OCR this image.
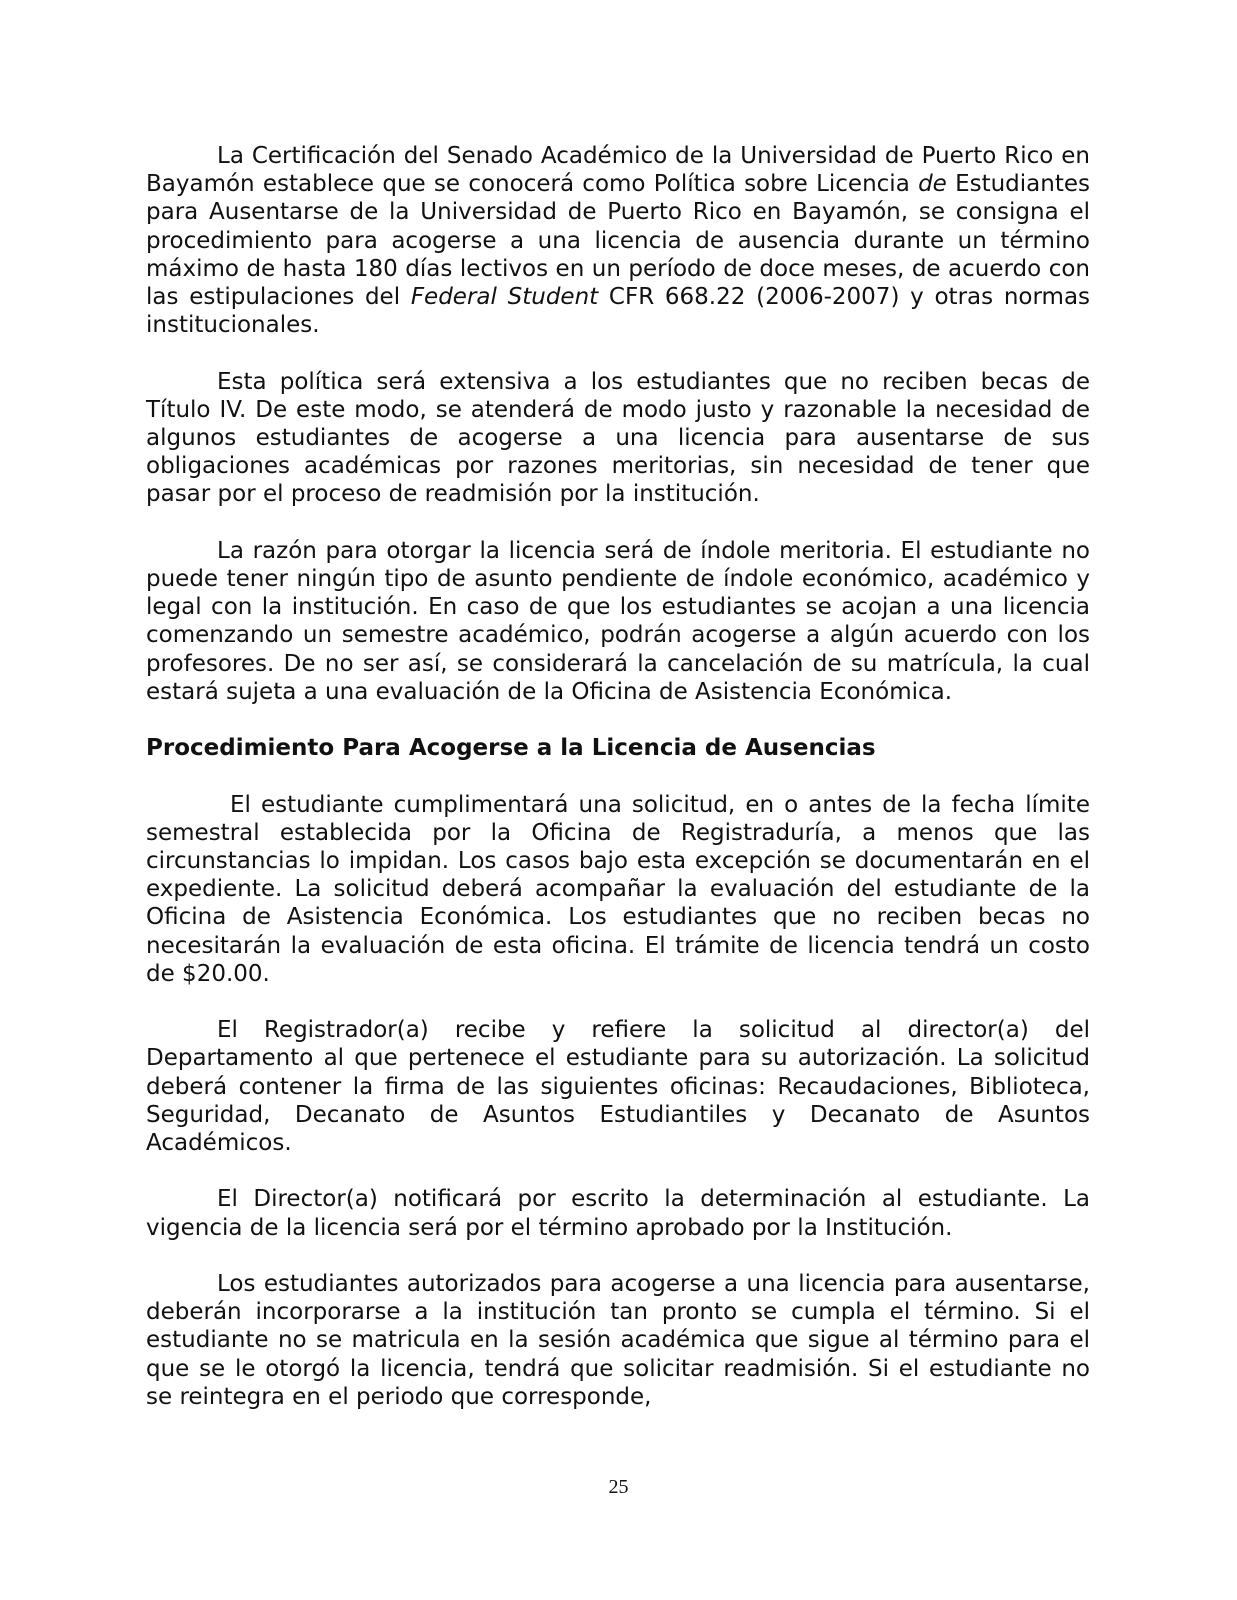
La Certificación del Senado Académico de la Universidad de Puerto Rico en Bayamón establece que se conocerá como Política sobre Licencia de Estudiantes para Ausentarse de la Universidad de Puerto Rico en Bayamón, se consigna el procedimiento para acogerse a una licencia de ausencia durante un término máximo de hasta 180 días lectivos en un período de doce meses, de acuerdo con las estipulaciones del Federal Student CFR 668.22 (2006-2007) y otras normas institucionales.

Esta política será extensiva a los estudiantes que no reciben becas de Título IV. De este modo, se atenderá de modo justo y razonable la necesidad de algunos estudiantes de acogerse a una licencia para ausentarse de sus obligaciones académicas por razones meritorias, sin necesidad de tener que pasar por el proceso de readmisión por la institución.

La razón para otorgar la licencia será de índole meritoria. El estudiante no puede tener ningún tipo de asunto pendiente de índole económico, académico y legal con la institución. En caso de que los estudiantes se acojan a una licencia comenzando un semestre académico, podrán acogerse a algún acuerdo con los profesores. De no ser así, se considerará la cancelación de su matrícula, la cual estará sujeta a una evaluación de la Oficina de Asistencia Económica.

Procedimiento Para Acogerse a la Licencia de Ausencias

El estudiante cumplimentará una solicitud, en o antes de la fecha límite semestral establecida por la Oficina de Registraduría, a menos que las circunstancias lo impidan. Los casos bajo esta excepción se documentarán en el expediente. La solicitud deberá acompañar la evaluación del estudiante de la Oficina de Asistencia Económica. Los estudiantes que no reciben becas no necesitarán la evaluación de esta oficina. El trámite de licencia tendrá un costo de $20.00.

El Registrador(a) recibe y refiere la solicitud al director(a) del Departamento al que pertenece el estudiante para su autorización. La solicitud deberá contener la firma de las siguientes oficinas: Recaudaciones, Biblioteca, Seguridad, Decanato de Asuntos Estudiantiles y Decanato de Asuntos Académicos.

El Director(a) notificará por escrito la determinación al estudiante. La vigencia de la licencia será por el término aprobado por la Institución.

Los estudiantes autorizados para acogerse a una licencia para ausentarse, deberán incorporarse a la institución tan pronto se cumpla el término. Si el estudiante no se matricula en la sesión académica que sigue al término para el que se le otorgó la licencia, tendrá que solicitar readmisión. Si el estudiante no se reintegra en el periodo que corresponde,

25
